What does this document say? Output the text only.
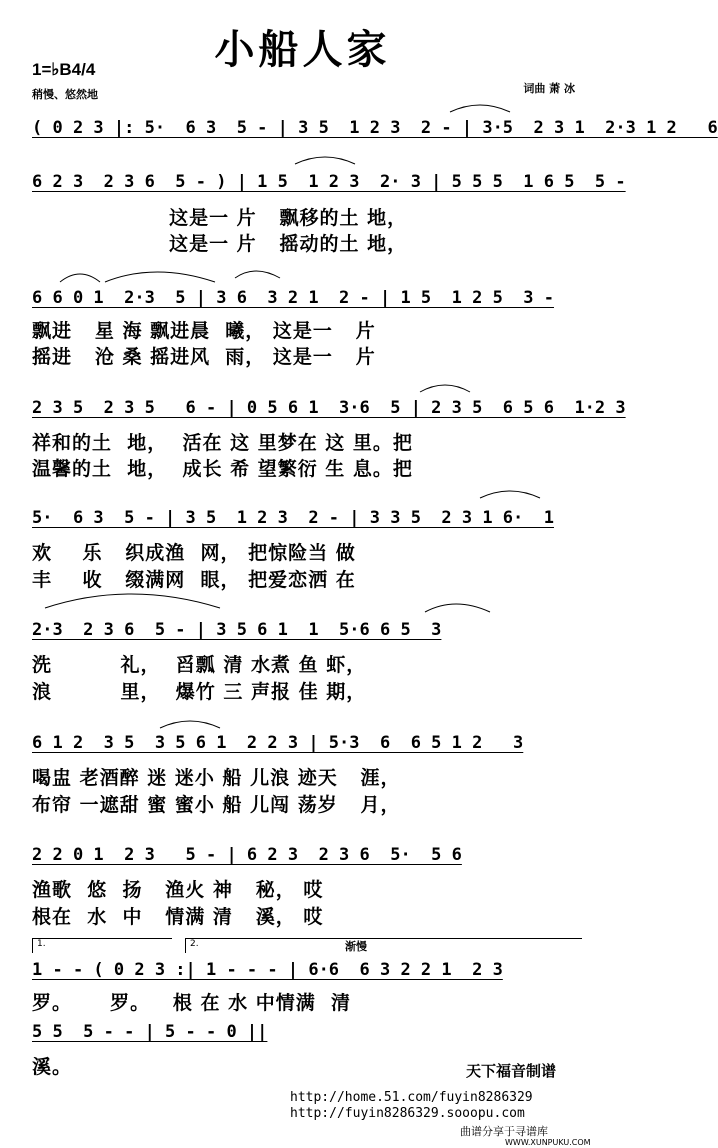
小船人家
1=♭B4/4
稍慢、悠然地	词曲 萧 冰
( 0 2 3 |: 5·  6 3  5 - | 3 5  1 2 3  2 - | 3·5  2 3 1  2·3 1 2   6
6 2 3  2 3 6  5 - ) | 1 5  1 2 3  2· 3 | 5 5 5  1 6 5  5 -
6 6 0 1  2·3  5 | 3 6  3 2 1  2 - | 1 5  1 2 5  3 -
2 3 5  2 3 5   6 - | 0 5 6 1  3·6  5 | 2 3 5  6 5 6  1·2 3
5·  6 3  5 - | 3 5  1 2 3  2 - | 3 3 5  2 3 1 6·  1
2·3  2 3 6  5 - | 3 5 6 1  1  5·6 6 5  3
6 1 2  3 5  3 5 6 1  2 2 3 | 5·3  6  6 5 1 2   3
2 2 0 1  2 3   5 - | 6 2 3  2 3 6  5·  5 6
1 - - ( 0 2 3 :| 1 - - - | 6·6  6 3 2 2 1  2 3
5 5  5 - - | 5 - - 0 ||
这是一 片   飘移的土 地，
这是一 片   摇动的土 地，
飘进   星 海 飘进晨  曦， 这是一   片
摇进   沧 桑 摇进风  雨， 这是一   片
祥和的土  地，  活在 这 里梦在 这 里。把
温馨的土  地，  成长 希 望繁衍 生 息。把
欢    乐   织成渔  网， 把惊险当 做
丰    收   缀满网  眼， 把爱恋洒 在
洗         礼，  舀瓢 清 水煮 鱼 虾，
浪         里，  爆竹 三 声报 佳 期，
喝盅 老酒醉 迷 迷小 船 儿浪 迹天   涯，
布帘 一遮甜 蜜 蜜小 船 儿闯 荡岁   月，
渔歌  悠  扬   渔火 神   秘， 哎
根在  水  中   情满 清   溪， 哎
罗。     罗。   根 在 水 中情满  清
溪。
1.	2.	渐慢
天下福音制谱
http://home.51.com/fuyin8286329
http://fuyin8286329.sooopu.com
曲谱分享于寻谱库
WWW.XUNPUKU.COM
